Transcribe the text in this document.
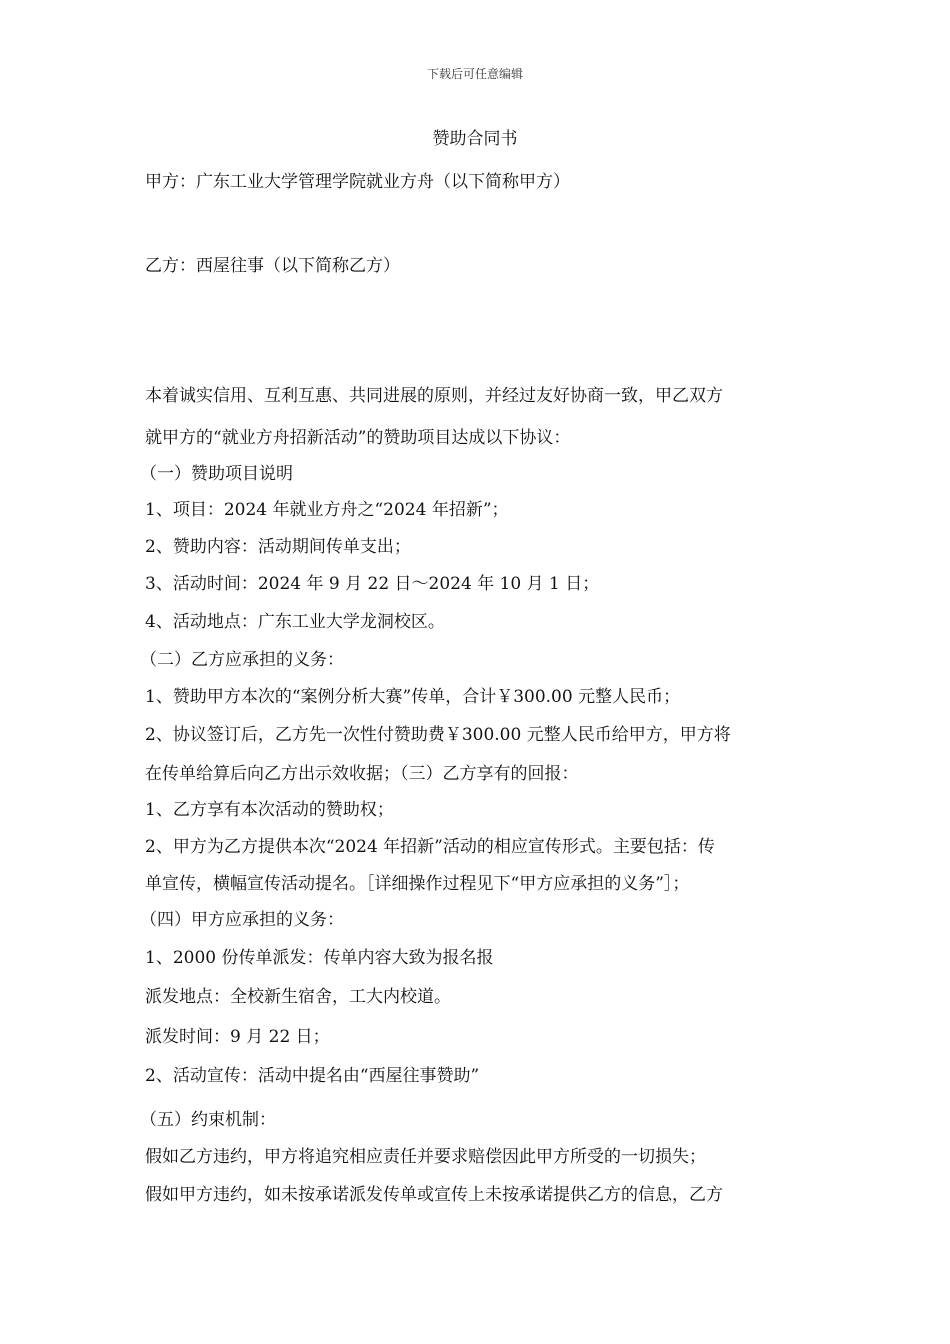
下载后可任意编辑
赞助合同书
甲方：广东工业大学管理学院就业方舟（以下简称甲方）
乙方：西屋往事（以下简称乙方）
本着诚实信用、互利互惠、共同进展的原则，并经过友好协商一致，甲乙双方
就甲方的“就业方舟招新活动”的赞助项目达成以下协议：
（一）赞助项目说明
1、项目：2024 年就业方舟之“2024 年招新”；
2、赞助内容：活动期间传单支出；
3、活动时间：2024 年 9 月 22 日～2024 年 10 月 1 日；
4、活动地点：广东工业大学龙洞校区。
（二）乙方应承担的义务：
1、赞助甲方本次的“案例分析大赛”传单，合计￥300.00 元整人民币；
2、协议签订后，乙方先一次性付赞助费￥300.00 元整人民币给甲方，甲方将
在传单给算后向乙方出示效收据；（三）乙方享有的回报：
1、乙方享有本次活动的赞助权；
2、甲方为乙方提供本次“2024 年招新”活动的相应宣传形式。主要包括：传
单宣传，横幅宣传活动提名。［详细操作过程见下“甲方应承担的义务”］；
（四）甲方应承担的义务：
1、2000 份传单派发：传单内容大致为报名报
派发地点：全校新生宿舍，工大内校道。
派发时间：9 月 22 日；
2、活动宣传：活动中提名由“西屋往事赞助”
（五）约束机制：
假如乙方违约，甲方将追究相应责任并要求赔偿因此甲方所受的一切损失；
假如甲方违约，如未按承诺派发传单或宣传上未按承诺提供乙方的信息，乙方
